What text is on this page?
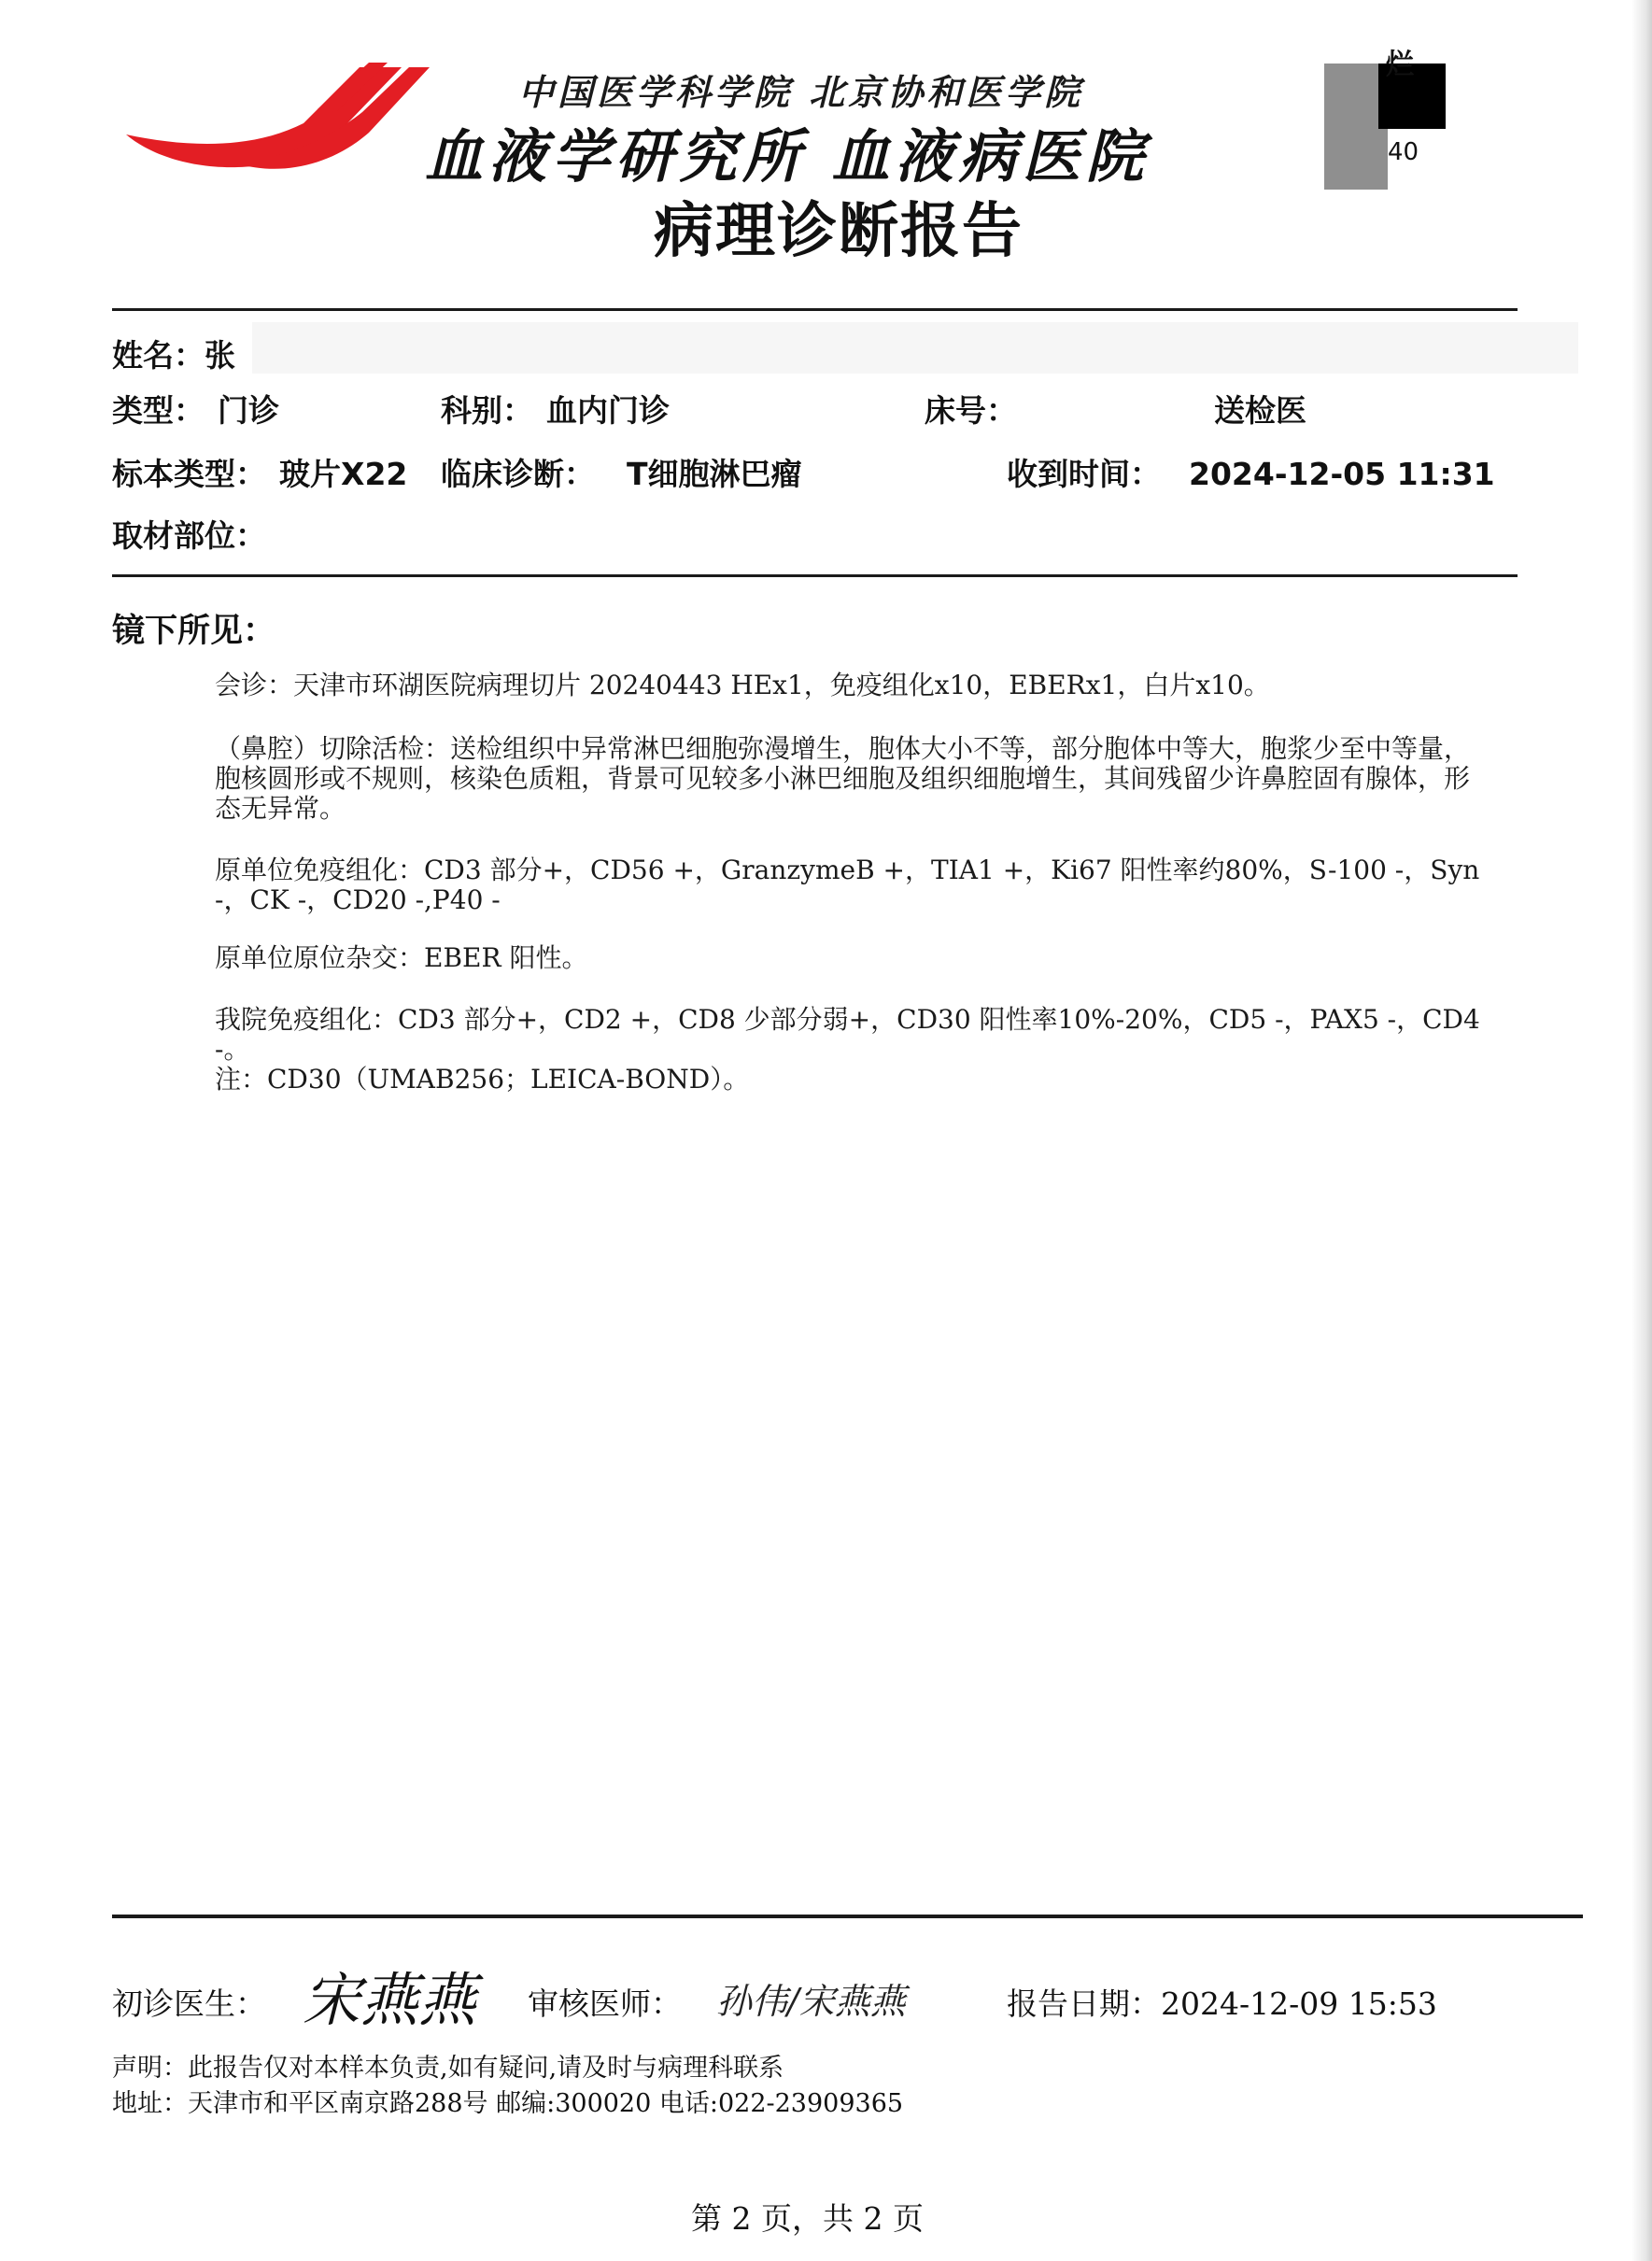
中国医学科学院 北京协和医学院
血液学研究所 血液病医院
病理诊断报告
烂
40
姓名：张
类型： 门诊	科别： 血内门诊	床号：	送检医
标本类型： 玻片X22 临床诊断： T细胞淋巴瘤	收到时间： 2024-12-05 11:31
取材部位：
镜下所见：

会诊：天津市环湖医院病理切片 20240443 HEx1，免疫组化x10，EBERx1，白片x10。

（鼻腔）切除活检：送检组织中异常淋巴细胞弥漫增生，胞体大小不等，部分胞体中等大，胞浆少至中等量，胞核圆形或不规则，核染色质粗，背景可见较多小淋巴细胞及组织细胞增生，其间残留少许鼻腔固有腺体，形态无异常。

原单位免疫组化：CD3 部分+，CD56 +，GranzymeB +，TIA1 +，Ki67 阳性率约80%，S-100 -，Syn -，CK -，CD20 -,P40 -

原单位原位杂交：EBER 阳性。

我院免疫组化：CD3 部分+，CD2 +，CD8 少部分弱+，CD30 阳性率10%-20%，CD5 -，PAX5 -，CD4 -。

注：CD30（UMAB256；LEICA-BOND）。

初诊医生： 宋燕燕 审核医师： 孙伟/宋燕燕	报告日期：2024-12-09 15:53
声明：此报告仅对本样本负责,如有疑问,请及时与病理科联系
地址：天津市和平区南京路288号 邮编:300020 电话:022-23909365
第 2 页，共 2 页
